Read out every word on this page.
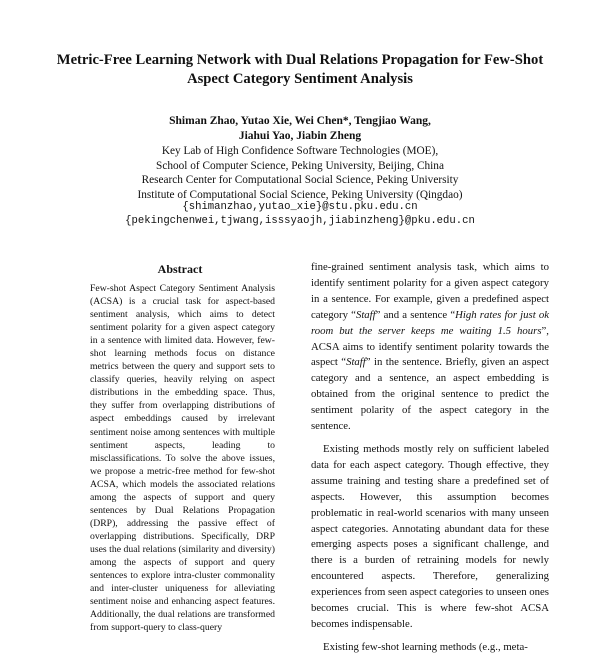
Metric-Free Learning Network with Dual Relations Propagation for Few-Shot Aspect Category Sentiment Analysis
Shiman Zhao, Yutao Xie, Wei Chen*, Tengjiao Wang,
Jiahui Yao, Jiabin Zheng
Key Lab of High Confidence Software Technologies (MOE),
School of Computer Science, Peking University, Beijing, China
Research Center for Computational Social Science, Peking University
Institute of Computational Social Science, Peking University (Qingdao)
{shimanzhao,yutao_xie}@stu.pku.edu.cn
{pekingchenwei,tjwang,isssyaojh,jiabinzheng}@pku.edu.cn
Abstract

Few-shot Aspect Category Sentiment Analysis (ACSA) is a crucial task for aspect-based sentiment analysis, which aims to detect sentiment polarity for a given aspect category in a sentence with limited data. However, few-shot learning methods focus on distance metrics between the query and support sets to classify queries, heavily relying on aspect distributions in the embedding space. Thus, they suffer from overlapping distributions of aspect embeddings caused by irrelevant sentiment noise among sentences with multiple sentiment aspects, leading to misclassifications. To solve the above issues, we propose a metric-free method for few-shot ACSA, which models the associated relations among the aspects of support and query sentences by Dual Relations Propagation (DRP), addressing the passive effect of overlapping distributions. Specifically, DRP uses the dual relations (similarity and diversity) among the aspects of support and query sentences to explore intra-cluster commonality and inter-cluster uniqueness for alleviating sentiment noise and enhancing aspect features. Additionally, the dual relations are transformed from support-query to class-query

fine-grained sentiment analysis task, which aims to identify sentiment polarity for a given aspect category in a sentence. For example, given a predefined aspect category “Staff” and a sentence “High rates for just ok room but the server keeps me waiting 1.5 hours”, ACSA aims to identify sentiment polarity towards the aspect “Staff” in the sentence. Briefly, given an aspect category and a sentence, an aspect embedding is obtained from the original sentence to predict the sentiment polarity of the aspect category in the sentence.

Existing methods mostly rely on sufficient labeled data for each aspect category. Though effective, they assume training and testing share a predefined set of aspects. However, this assumption becomes problematic in real-world scenarios with many unseen aspect categories. Annotating abundant data for these emerging aspects poses a significant challenge, and there is a burden of retraining models for newly encountered aspects. Therefore, generalizing experiences from seen aspect categories to unseen ones becomes crucial. This is where few-shot ACSA becomes indispensable.

Existing few-shot learning methods (e.g., meta-
